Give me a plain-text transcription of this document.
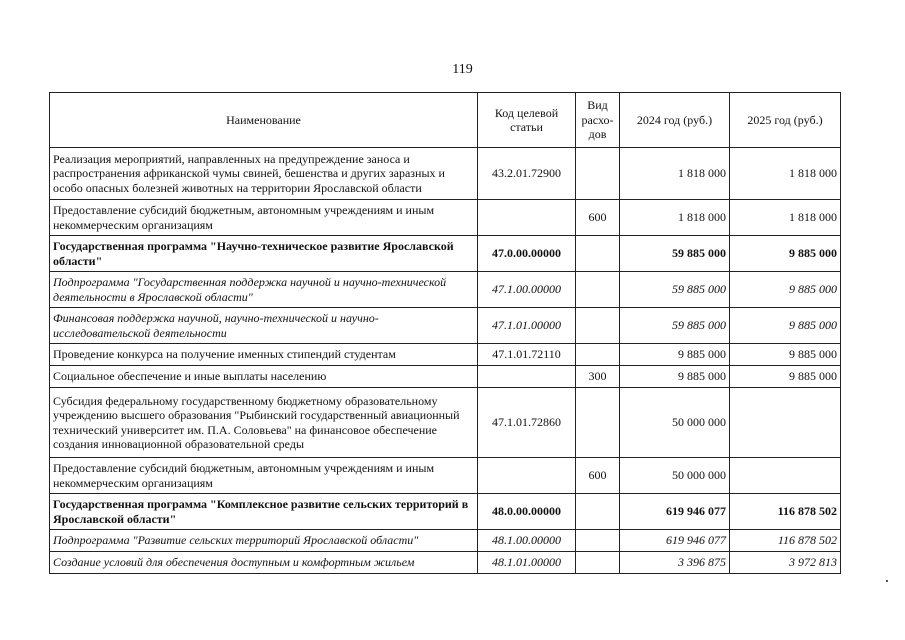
119
Наименование	Код целевой статьи	Вид расхо-дов	2024 год (руб.)	2025 год (руб.)
Реализация мероприятий, направленных на предупреждение заноса и распространения африканской чумы свиней, бешенства и других заразных и особо опасных болезней животных на территории Ярославской области	43.2.01.72900		1 818 000	1 818 000
Предоставление субсидий бюджетным, автономным учреждениям и иным некоммерческим организациям		600	1 818 000	1 818 000
Государственная программа "Научно-техническое развитие Ярославской области"	47.0.00.00000		59 885 000	9 885 000
Подпрограмма "Государственная поддержка научной и научно-технической деятельности в Ярославской области"	47.1.00.00000		59 885 000	9 885 000
Финансовая поддержка научной, научно-технической и научно-исследовательской деятельности	47.1.01.00000		59 885 000	9 885 000
Проведение конкурса на получение именных стипендий студентам	47.1.01.72110		9 885 000	9 885 000
Социальное обеспечение и иные выплаты населению		300	9 885 000	9 885 000
Субсидия федеральному государственному бюджетному образовательному учреждению высшего образования "Рыбинский государственный авиационный технический университет им. П.А. Соловьева" на финансовое обеспечение создания инновационной образовательной среды	47.1.01.72860		50 000 000	
Предоставление субсидий бюджетным, автономным учреждениям и иным некоммерческим организациям		600	50 000 000	
Государственная программа "Комплексное развитие сельских территорий в Ярославской области"	48.0.00.00000		619 946 077	116 878 502
Подпрограмма "Развитие сельских территорий Ярославской области"	48.1.00.00000		619 946 077	116 878 502
Создание условий для обеспечения доступным и комфортным жильем	48.1.01.00000		3 396 875	3 972 813
